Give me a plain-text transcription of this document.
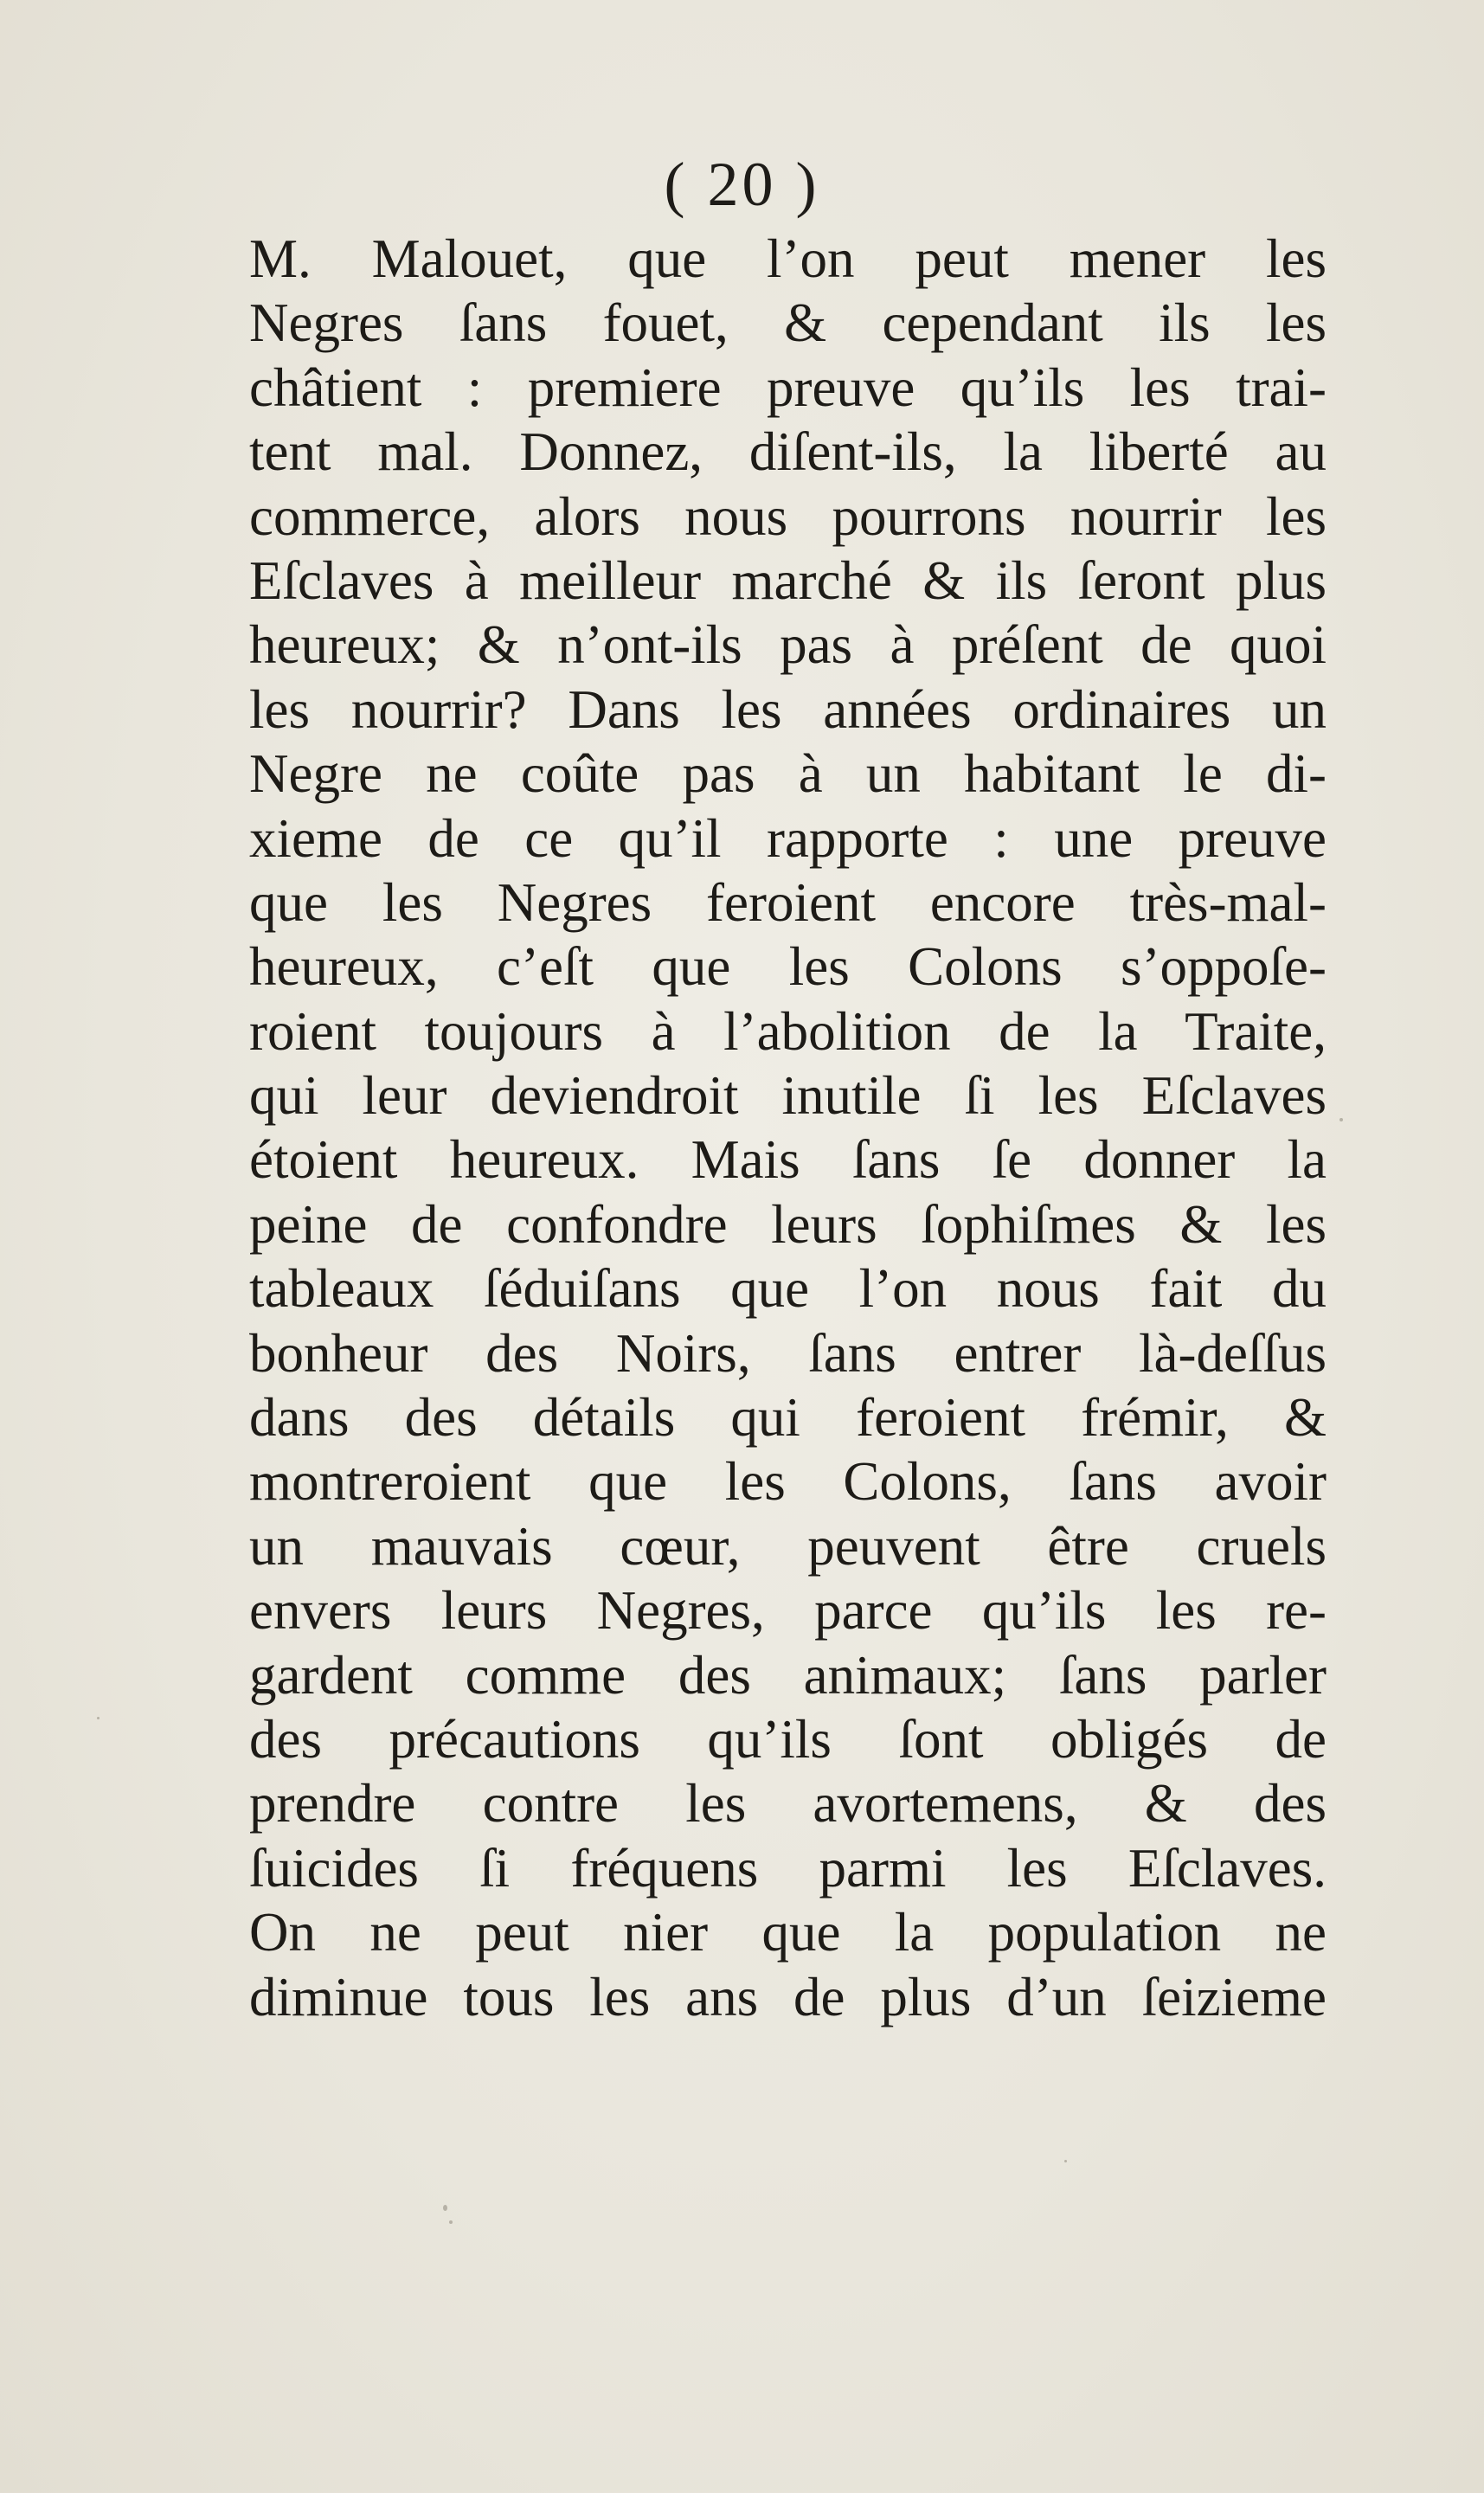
( 20 )
M. Malouet, que l’on peut mener les
Negres ſans fouet, & cependant ils les
châtient : premiere preuve qu’ils les trai-
tent mal. Donnez, diſent-ils, la liberté au
commerce, alors nous pourrons nourrir les
Eſclaves à meilleur marché & ils ſeront plus
heureux; & n’ont-ils pas à préſent de quoi
les nourrir? Dans les années ordinaires un
Negre ne coûte pas à un habitant le di-
xieme de ce qu’il rapporte : une preuve
que les Negres feroient encore très-mal-
heureux, c’eſt que les Colons s’oppoſe-
roient toujours à l’abolition de la Traite,
qui leur deviendroit inutile ſi les Eſclaves
étoient heureux. Mais ſans ſe donner la
peine de confondre leurs ſophiſmes & les
tableaux ſéduiſans que l’on nous fait du
bonheur des Noirs, ſans entrer là-deſſus
dans des détails qui feroient frémir, &
montreroient que les Colons, ſans avoir
un mauvais cœur, peuvent être cruels
envers leurs Negres, parce qu’ils les re-
gardent comme des animaux; ſans parler
des précautions qu’ils ſont obligés de
prendre contre les avortemens, & des
ſuicides ſi fréquens parmi les Eſclaves.
On ne peut nier que la population ne
diminue tous les ans de plus d’un ſeizieme
